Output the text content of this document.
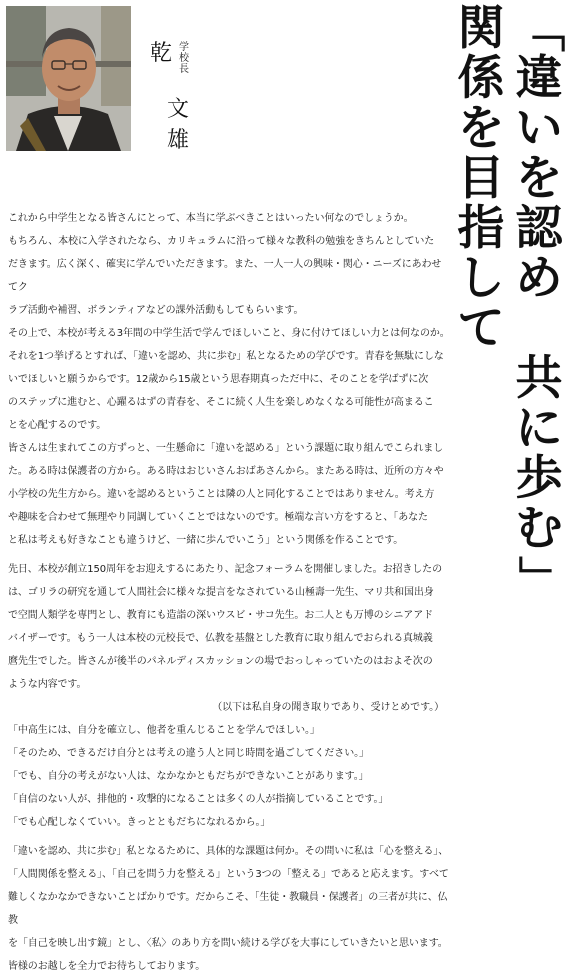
乾 学
校
長
文
雄
「
違
い
を
認
め

共
に
歩
む
」
関
係
を
目
指
し
て

これから中学生となる皆さんにとって、本当に学ぶべきことはいったい何なのでしょうか。

もちろん、本校に入学されたなら、カリキュラムに沿って様々な教科の勉強をきちんとしていた

だきます。広く深く、確実に学んでいただきます。また、一人一人の興味・関心・ニーズにあわせてク

ラブ活動や補習、ボランティアなどの課外活動もしてもらいます。

その上で、本校が考える3年間の中学生活で学んでほしいこと、身に付けてほしい力とは何なのか。

それを1つ挙げるとすれば、「違いを認め、共に歩む」私となるための学びです。青春を無駄にしな

いでほしいと願うからです。12歳から15歳という思春期真っただ中に、そのことを学ばずに次

のステップに進むと、心躍るはずの青春を、そこに続く人生を楽しめなくなる可能性が高まるこ

とを心配するのです。

皆さんは生まれてこの方ずっと、一生懸命に「違いを認める」という課題に取り組んでこられまし

た。ある時は保護者の方から。ある時はおじいさんおばあさんから。またある時は、近所の方々や

小学校の先生方から。違いを認めるということは隣の人と同化することではありません。考え方

や趣味を合わせて無理やり同調していくことではないのです。極端な言い方をすると、「あなた

と私は考えも好きなことも違うけど、一緒に歩んでいこう」という関係を作ることです。

先日、本校が創立150周年をお迎えするにあたり、記念フォーラムを開催しました。お招きしたの

は、ゴリラの研究を通して人間社会に様々な提言をなされている山極壽一先生、マリ共和国出身

で空間人類学を専門とし、教育にも造詣の深いウスビ・サコ先生。お二人とも万博のシニアアド

バイザーです。もう一人は本校の元校長で、仏教を基盤とした教育に取り組んでおられる真城義

麿先生でした。皆さんが後半のパネルディスカッションの場でおっしゃっていたのはおよそ次の

ような内容です。

（以下は私自身の聞き取りであり、受けとめです。）

「中高生には、自分を確立し、他者を重んじることを学んでほしい。」

「そのため、できるだけ自分とは考えの違う人と同じ時間を過ごしてください。」

「でも、自分の考えがない人は、なかなかともだちができないことがあります。」

「自信のない人が、排他的・攻撃的になることは多くの人が指摘していることです。」

「でも心配しなくていい。きっとともだちになれるから。」

「違いを認め、共に歩む」私となるために、具体的な課題は何か。その問いに私は「心を整える」、

「人間関係を整える」、「自己を問う力を整える」という3つの「整える」であると応えます。すべて

難しくなかなかできないことばかりです。だからこそ、「生徒・教職員・保護者」の三者が共に、仏教

を「自己を映し出す鏡」とし、〈私〉のあり方を問い続ける学びを大事にしていきたいと思います。

皆様のお越しを全力でお待ちしております。
